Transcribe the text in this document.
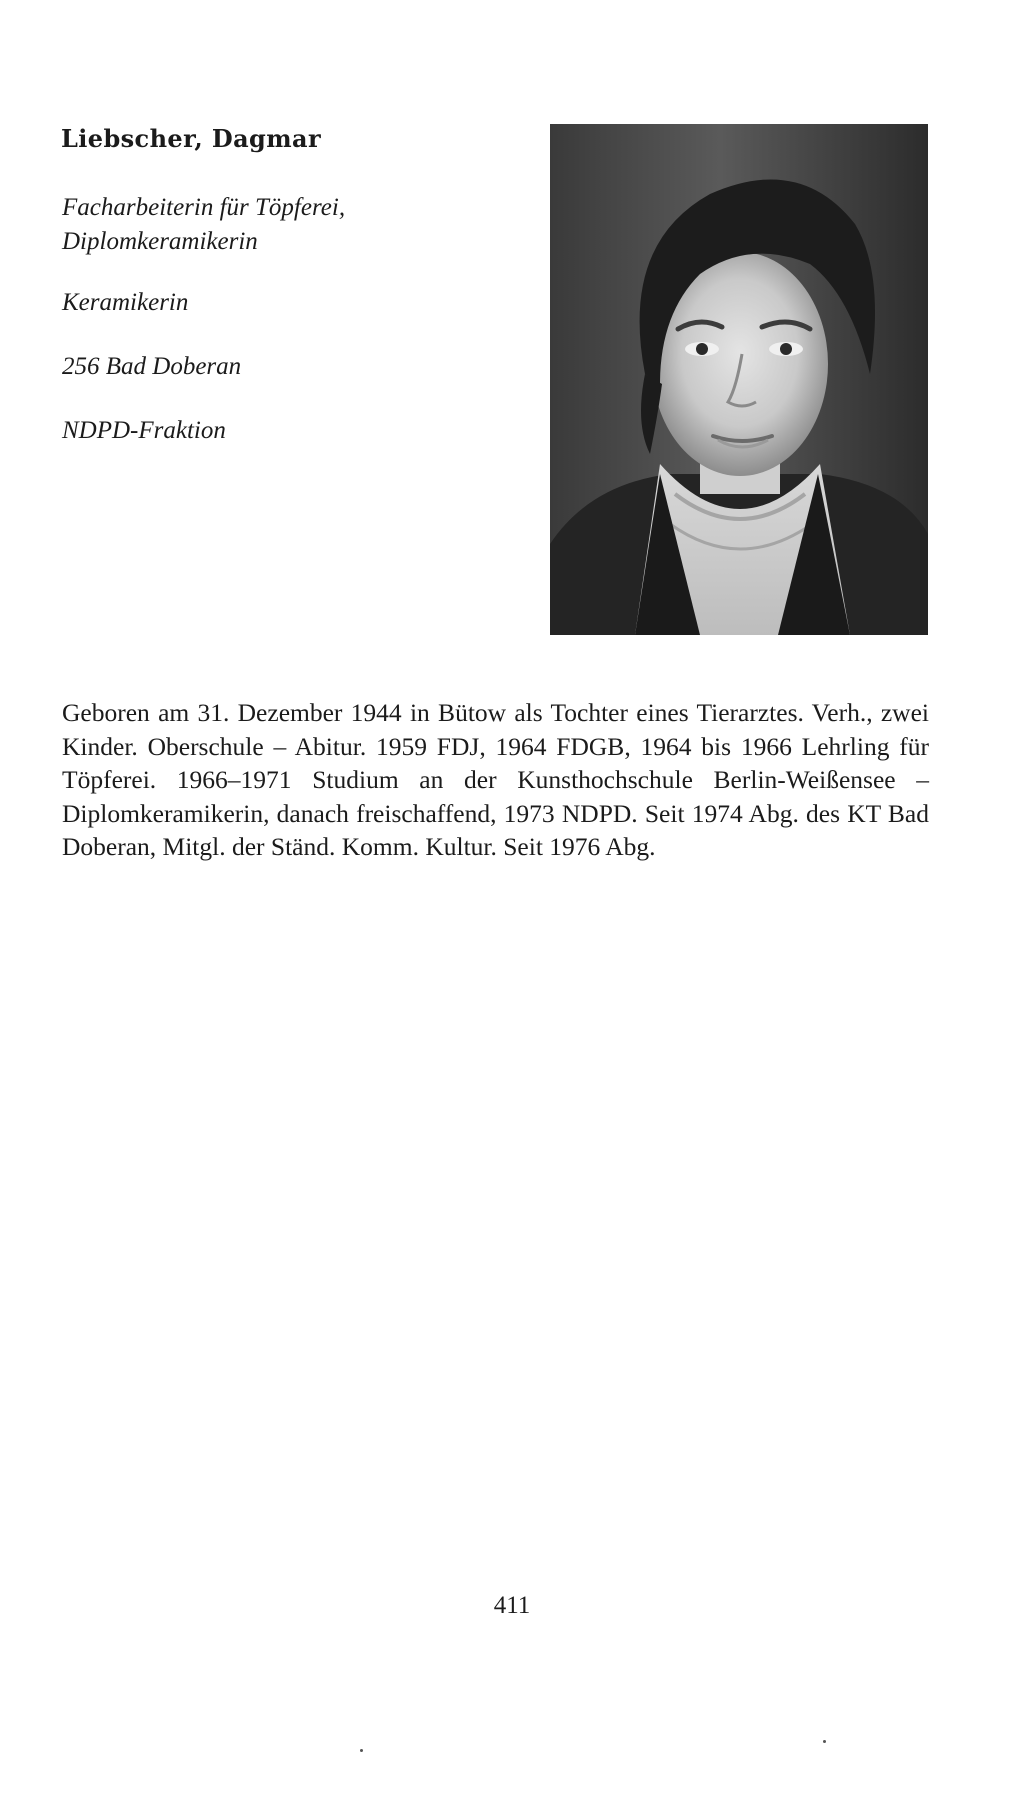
Liebscher, Dagmar

Facharbeiterin für Töpferei,
Diplomkeramikerin

Keramikerin

256 Bad Doberan

NDPD-Fraktion

Geboren am 31. Dezember 1944 in Bütow als Tochter eines Tierarztes. Verh., zwei Kinder. Oberschule – Abitur. 1959 FDJ, 1964 FDGB, 1964 bis 1966 Lehrling für Töpferei. 1966–1971 Studium an der Kunsthochschule Berlin-Weißensee – Diplomkeramikerin, danach freischaffend, 1973 NDPD. Seit 1974 Abg. des KT Bad Doberan, Mitgl. der Ständ. Komm. Kultur. Seit 1976 Abg.

411
